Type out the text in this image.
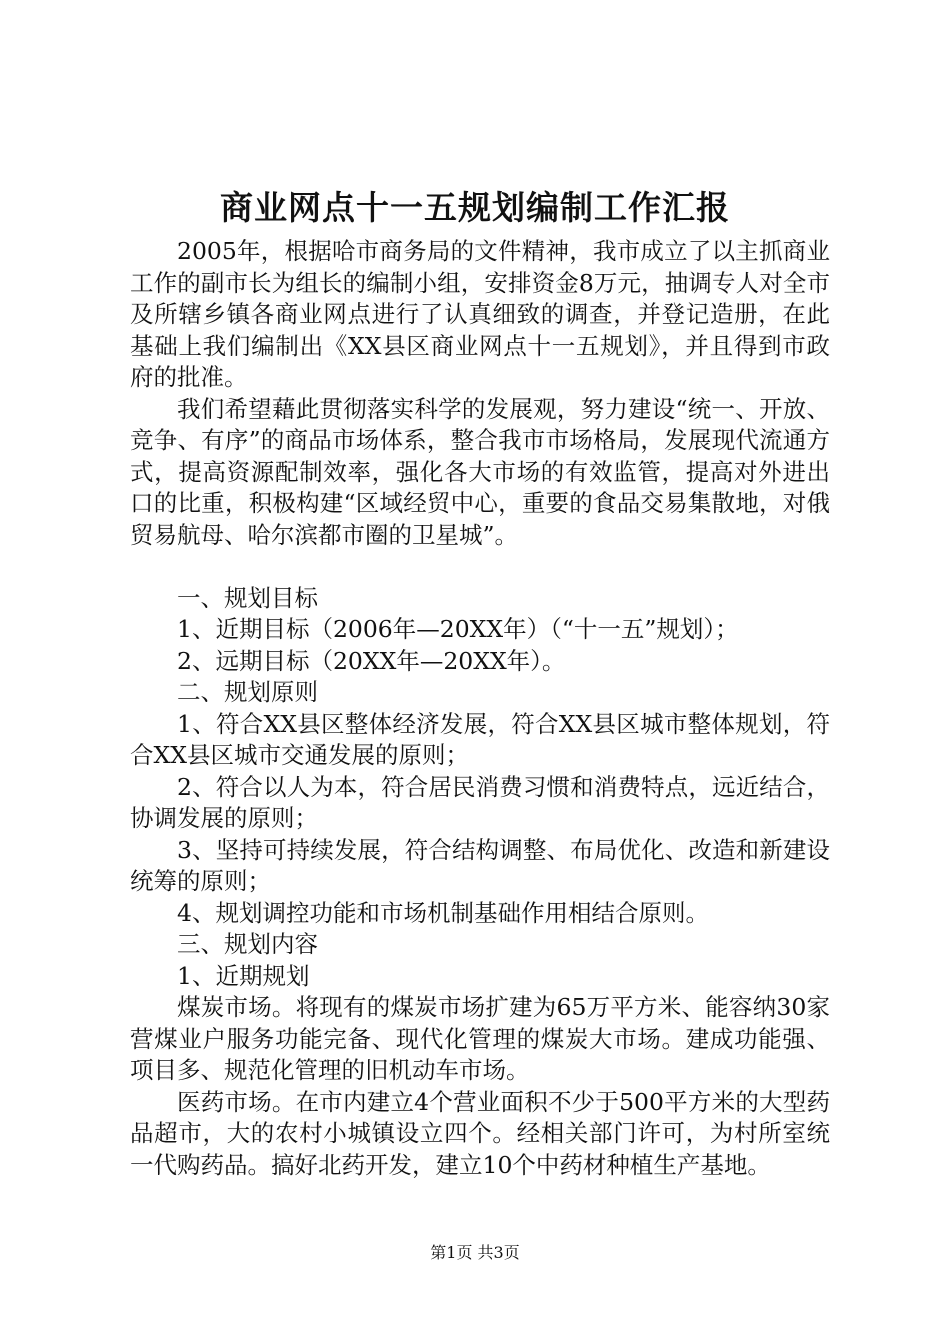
商业网点十一五规划编制工作汇报

2005年，根据哈市商务局的文件精神，我市成立了以主抓商业工作的副市长为组长的编制小组，安排资金8万元，抽调专人对全市及所辖乡镇各商业网点进行了认真细致的调查，并登记造册，在此基础上我们编制出《XX县区商业网点十一五规划》，并且得到市政府的批准。

我们希望藉此贯彻落实科学的发展观，努力建设“统一、开放、竞争、有序”的商品市场体系，整合我市市场格局，发展现代流通方式，提高资源配制效率，强化各大市场的有效监管，提高对外进出口的比重，积极构建“区域经贸中心，重要的食品交易集散地，对俄贸易航母、哈尔滨都市圈的卫星城”。

一、规划目标

1、近期目标（2006年—20XX年）（“十一五”规划）；

2、远期目标（20XX年—20XX年）。

二、规划原则

1、符合XX县区整体经济发展，符合XX县区城市整体规划，符合XX县区城市交通发展的原则；

2、符合以人为本，符合居民消费习惯和消费特点，远近结合，协调发展的原则；

3、坚持可持续发展，符合结构调整、布局优化、改造和新建设统筹的原则；

4、规划调控功能和市场机制基础作用相结合原则。

三、规划内容

1、近期规划

煤炭市场。将现有的煤炭市场扩建为65万平方米、能容纳30家营煤业户服务功能完备、现代化管理的煤炭大市场。建成功能强、项目多、规范化管理的旧机动车市场。

医药市场。在市内建立4个营业面积不少于500平方米的大型药品超市，大的农村小城镇设立四个。经相关部门许可，为村所室统一代购药品。搞好北药开发，建立10个中药材种植生产基地。

第1页 共3页
